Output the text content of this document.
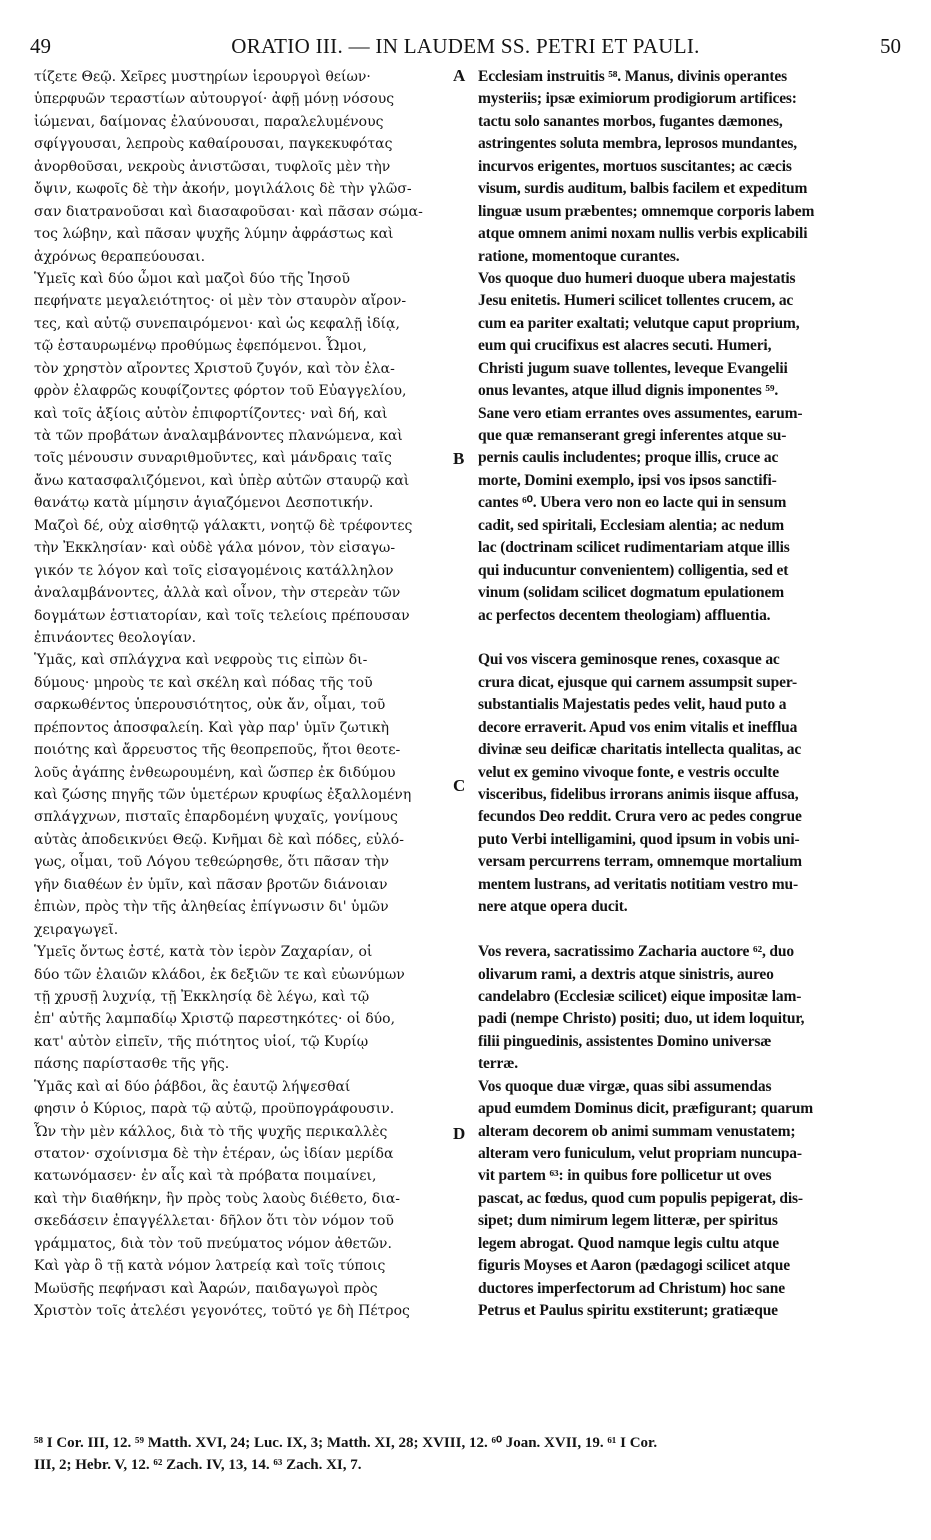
49	ORATIO III. — IN LAUDEM SS. PETRI ET PAULI.	50
τίζετε Θεῷ. Χεῖρες μυστηρίων ἱερουργοὶ θείων·
ὑπερφυῶν τεραστίων αὐτουργοί· ἀφῇ μόνῃ νόσους
ἰώμεναι, δαίμονας ἐλαύνουσαι, παραλελυμένους
σφίγγουσαι, λεπροὺς καθαίρουσαι, παγκεκυφότας
ἀνορθοῦσαι, νεκροὺς ἀνιστῶσαι, τυφλοῖς μὲν τὴν
ὄψιν, κωφοῖς δὲ τὴν ἀκοήν, μογιλάλοις δὲ τὴν γλῶσ-
σαν διατρανοῦσαι καὶ διασαφοῦσαι· καὶ πᾶσαν σώμα-
τος λώβην, καὶ πᾶσαν ψυχῆς λύμην ἀφράστως καὶ
ἀχρόνως θεραπεύουσαι.
Ὑμεῖς καὶ δύο ὦμοι καὶ μαζοὶ δύο τῆς Ἰησοῦ
πεφήνατε μεγαλειότητος· οἱ μὲν τὸν σταυρὸν αἴρον-
τες, καὶ αὐτῷ συνεπαιρόμενοι· καὶ ὡς κεφαλῇ ἰδίᾳ,
τῷ ἐσταυρωμένῳ προθύμως ἐφεπόμενοι. Ὦμοι,
τὸν χρηστὸν αἴροντες Χριστοῦ ζυγόν, καὶ τὸν ἐλα-
φρὸν ἐλαφρῶς κουφίζοντες φόρτον τοῦ Εὐαγγελίου,
καὶ τοῖς ἀξίοις αὐτὸν ἐπιφορτίζοντες· ναὶ δή, καὶ
τὰ τῶν προβάτων ἀναλαμβάνοντες πλανώμενα, καὶ
τοῖς μένουσιν συναριθμοῦντες, καὶ μάνδραις ταῖς
ἄνω κατασφαλιζόμενοι, καὶ ὑπὲρ αὐτῶν σταυρῷ καὶ
θανάτῳ κατὰ μίμησιν ἁγιαζόμενοι Δεσποτικήν.
Μαζοὶ δέ, οὐχ αἰσθητῷ γάλακτι, νοητῷ δὲ τρέφοντες
τὴν Ἐκκλησίαν· καὶ οὐδὲ γάλα μόνον, τὸν εἰσαγω-
γικόν τε λόγον καὶ τοῖς εἰσαγομένοις κατάλληλον
ἀναλαμβάνοντες, ἀλλὰ καὶ οἶνον, τὴν στερεὰν τῶν
δογμάτων ἑστιατορίαν, καὶ τοῖς τελείοις πρέπουσαν
ἐπινάοντες θεολογίαν.
Ὑμᾶς, καὶ σπλάγχνα καὶ νεφροὺς τις εἰπὼν δι-
δύμους· μηροὺς τε καὶ σκέλη καὶ πόδας τῆς τοῦ
σαρκωθέντος ὑπερουσιότητος, οὐκ ἄν, οἶμαι, τοῦ
πρέποντος ἀποσφαλείη. Καὶ γὰρ παρ' ὑμῖν ζωτικὴ
ποιότης καὶ ἄρρευστος τῆς θεοπρεποῦς, ἤτοι θεοτε-
λοῦς ἀγάπης ἐνθεωρουμένη, καὶ ὥσπερ ἐκ διδύμου
καὶ ζώσης πηγῆς τῶν ὑμετέρων κρυφίως ἐξαλλομένη
σπλάγχνων, πισταῖς ἐπαρδομένη ψυχαῖς, γονίμους
αὐτὰς ἀποδεικνύει Θεῷ. Κνῆμαι δὲ καὶ πόδες, εὐλό-
γως, οἶμαι, τοῦ Λόγου τεθεώρησθε, ὅτι πᾶσαν τὴν
γῆν διαθέων ἐν ὑμῖν, καὶ πᾶσαν βροτῶν διάνοιαν
ἐπιὼν, πρὸς τὴν τῆς ἀληθείας ἐπίγνωσιν δι' ὑμῶν
χειραγωγεῖ.
Ὑμεῖς ὄντως ἐστέ, κατὰ τὸν ἱερὸν Ζαχαρίαν, οἱ
δύο τῶν ἐλαιῶν κλάδοι, ἐκ δεξιῶν τε καὶ εὐωνύμων
τῇ χρυσῇ λυχνίᾳ, τῇ Ἐκκλησίᾳ δὲ λέγω, καὶ τῷ
ἐπ' αὐτῆς λαμπαδίῳ Χριστῷ παρεστηκότες· οἱ δύο,
κατ' αὐτὸν εἰπεῖν, τῆς πιότητος υἱοί, τῷ Κυρίῳ
πάσης παρίστασθε τῆς γῆς.
Ὑμᾶς καὶ αἱ δύο ῥάβδοι, ἃς ἑαυτῷ λήψεσθαί
φησιν ὁ Κύριος, παρὰ τῷ αὐτῷ, προϋπογράφουσιν.
Ὧν τὴν μὲν κάλλος, διὰ τὸ τῆς ψυχῆς περικαλλὲς
στατον· σχοίνισμα δὲ τὴν ἑτέραν, ὡς ἰδίαν μερίδα
κατωνόμασεν· ἐν αἷς καὶ τὰ πρόβατα ποιμαίνει,
καὶ τὴν διαθήκην, ἣν πρὸς τοὺς λαοὺς διέθετο, δια-
σκεδάσειν ἐπαγγέλλεται· δῆλον ὅτι τὸν νόμον τοῦ
γράμματος, διὰ τὸν τοῦ πνεύματος νόμον ἀθετῶν.
Καὶ γὰρ ὃ τῇ κατὰ νόμον λατρείᾳ καὶ τοῖς τύποις
Μωϋσῆς πεφήνασι καὶ Ἀαρών, παιδαγωγοὶ πρὸς
Χριστὸν τοῖς ἀτελέσι γεγονότες, τοῦτό γε δὴ Πέτρος
Ecclesiam instruitis ⁵⁸. Manus, divinis operantes
mysteriis; ipsæ eximiorum prodigiorum artifices:
tactu solo sanantes morbos, fugantes dæmones,
astringentes soluta membra, leprosos mundantes,
incurvos erigentes, mortuos suscitantes; ac cæcis
visum, surdis auditum, balbis facilem et expeditum
linguæ usum præbentes; omnemque corporis labem
atque omnem animi noxam nullis verbis explicabili
ratione, momentoque curantes.
Vos quoque duo humeri duoque ubera majestatis
Jesu enitetis. Humeri scilicet tollentes crucem, ac
cum ea pariter exaltati; velutque caput proprium,
eum qui crucifixus est alacres secuti. Humeri,
Christi jugum suave tollentes, leveque Evangelii
onus levantes, atque illud dignis imponentes ⁵⁹.
Sane vero etiam errantes oves assumentes, earum-
que quæ remanserant gregi inferentes atque su-
pernis caulis includentes; proque illis, cruce ac
morte, Domini exemplo, ipsi vos ipsos sanctifi-
cantes ⁶⁰. Ubera vero non eo lacte qui in sensum
cadit, sed spiritali, Ecclesiam alentia; ac nedum
lac (doctrinam scilicet rudimentariam atque illis
qui inducuntur convenientem) colligentia, sed et
vinum (solidam scilicet dogmatum epulationem
ac perfectos decentem theologiam) affluentia.
Qui vos viscera geminosque renes, coxasque ac
crura dicat, ejusque qui carnem assumpsit super-
substantialis Majestatis pedes velit, haud puto a
decore erraverit. Apud vos enim vitalis et inefflua
divinæ seu deificæ charitatis intellecta qualitas, ac
velut ex gemino vivoque fonte, e vestris occulte
visceribus, fidelibus irrorans animis iisque affusa,
fecundos Deo reddit. Crura vero ac pedes congrue
puto Verbi intelligamini, quod ipsum in vobis uni-
versam percurrens terram, omnemque mortalium
mentem lustrans, ad veritatis notitiam vestro mu-
nere atque opera ducit.
Vos revera, sacratissimo Zacharia auctore ⁶², duo
olivarum rami, a dextris atque sinistris, aureo
candelabro (Ecclesiæ scilicet) eique impositæ lam-
padi (nempe Christo) positi; duo, ut idem loquitur,
filii pinguedinis, assistentes Domino universæ
terræ.
Vos quoque duæ virgæ, quas sibi assumendas
apud eumdem Dominus dicit, præfigurant; quarum
alteram decorem ob animi summam venustatem;
alteram vero funiculum, velut propriam nuncupa-
vit partem ⁶³: in quibus fore pollicetur ut oves
pascat, ac fœdus, quod cum populis pepigerat, dis-
sipet; dum nimirum legem litteræ, per spiritus
legem abrogat. Quod namque legis cultu atque
figuris Moyses et Aaron (pædagogi scilicet atque
ductores imperfectorum ad Christum) hoc sane
Petrus et Paulus spiritu exstiterunt; gratiæque
A
B
C
D
⁵⁸ I Cor. III, 12. ⁵⁹ Matth. XVI, 24; Luc. IX, 3; Matth. XI, 28; XVIII, 12. ⁶⁰ Joan. XVII, 19. ⁶¹ I Cor.
III, 2; Hebr. V, 12. ⁶² Zach. IV, 13, 14. ⁶³ Zach. XI, 7.
